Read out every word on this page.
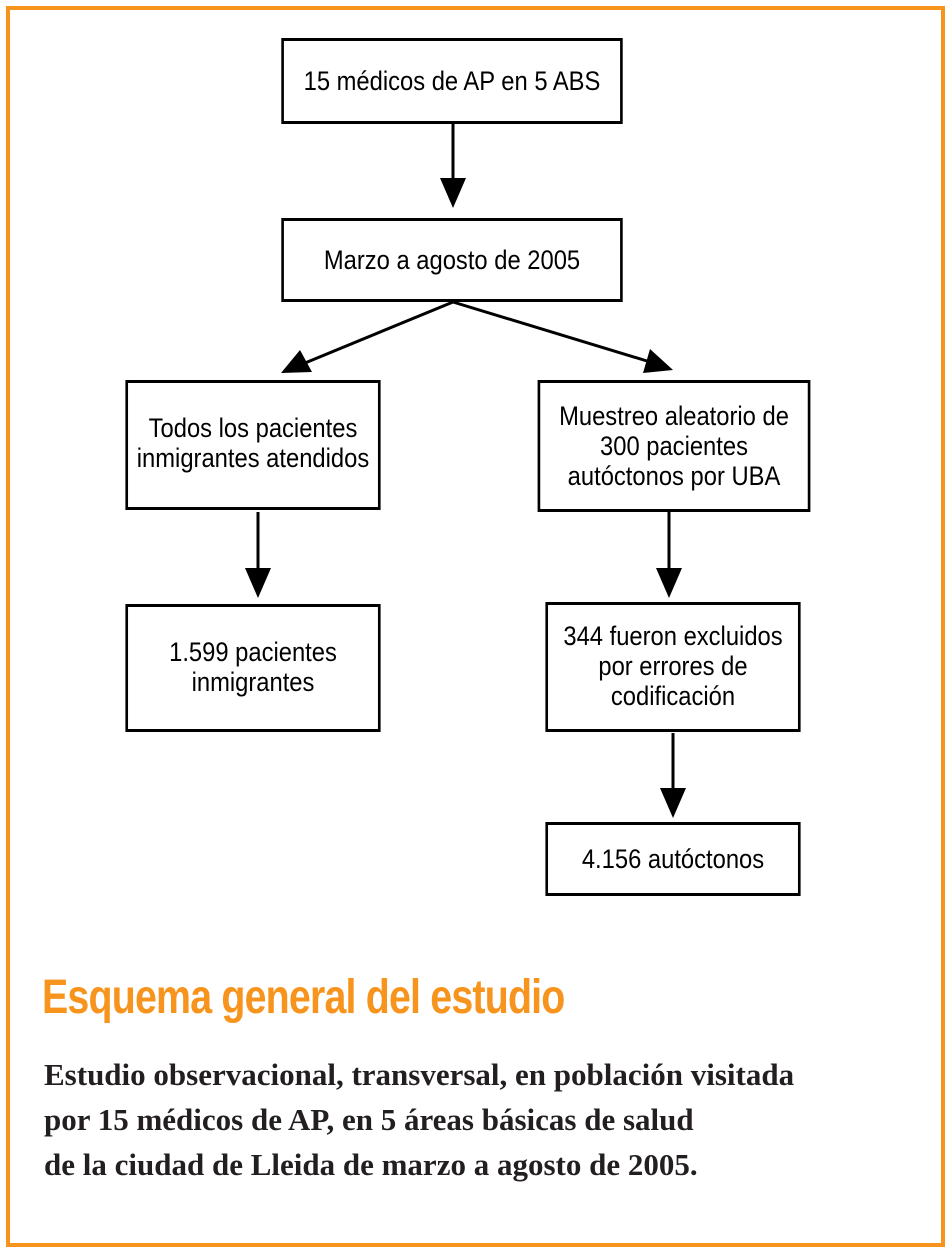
15 médicos de AP en 5 ABS
Marzo a agosto de 2005
Todos los pacientes
inmigrantes atendidos
Muestreo aleatorio de
300 pacientes
autóctonos por UBA
1.599 pacientes
inmigrantes
344 fueron excluidos
por errores de
codificación
4.156 autóctonos
Esquema general del estudio
Estudio observacional, transversal, en población visitada
por 15 médicos de AP, en 5 áreas básicas de salud
de la ciudad de Lleida de marzo a agosto de 2005.
